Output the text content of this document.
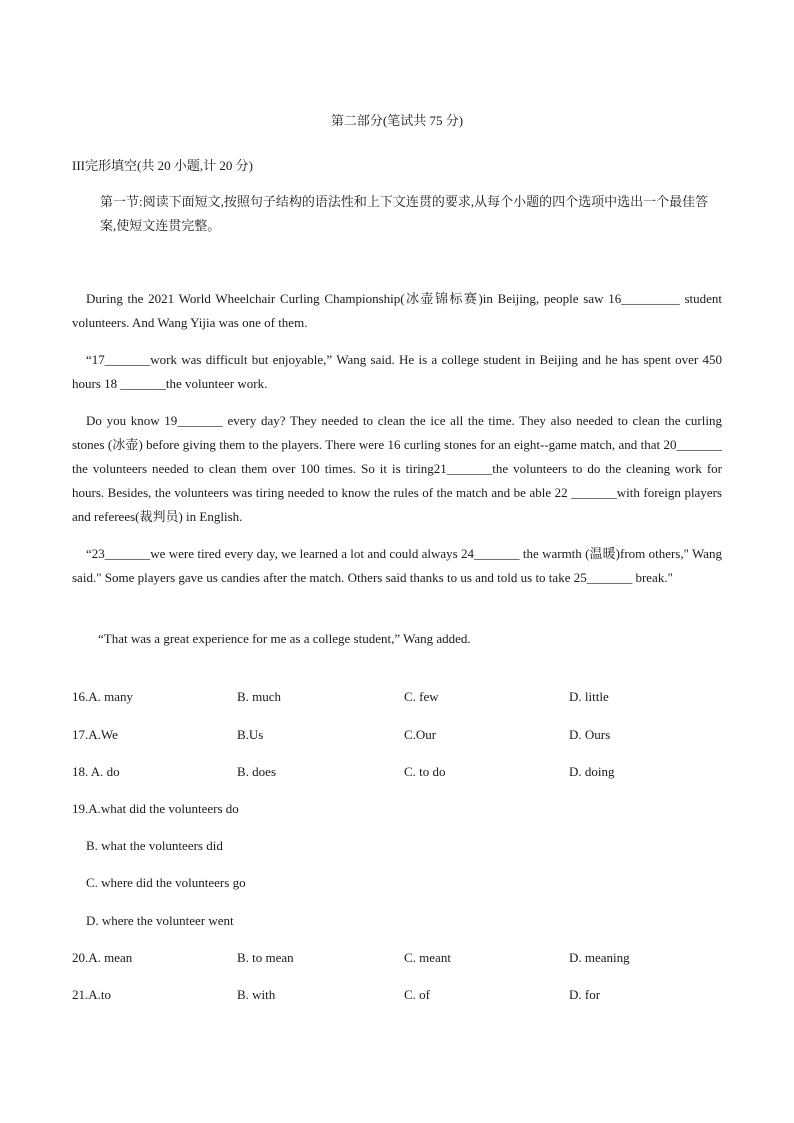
第二部分(笔试共 75 分)
III完形填空(共 20 小题,计 20 分)
第一节:阅读下面短文,按照句子结构的语法性和上下文连贯的要求,从每个小题的四个选项中选出一个最佳答案,使短文连贯完整。
During the 2021 World Wheelchair Curling Championship(冰壶锦标赛)in Beijing, people saw 16_________ student volunteers. And Wang Yijia was one of them.
“17_______work was difficult but enjoyable,” Wang said. He is a college student in Beijing and he has spent over 450 hours 18 _______the volunteer work.
Do you know 19_______ every day? They needed to clean the ice all the time. They also needed to clean the curling stones (冰壶) before giving them to the players. There were 16 curling stones for an eight--game match, and that 20_______ the volunteers needed to clean them over 100 times. So it is tiring21_______the volunteers to do the cleaning work for hours. Besides, the volunteers was tiring needed to know the rules of the match and be able 22 _______with foreign players and referees(裁判员) in English.
“23_______we were tired every day, we learned a lot and could always 24_______ the warmth (温暖)from others," Wang said." Some players gave us candies after the match. Others said thanks to us and told us to take 25_______ break."
“That was a great experience for me as a college student,” Wang added.
16.A. many	B. much	C. few	D. little
17.A.We	B.Us	C.Our	D. Ours
18. A. do	B. does	C. to do	D. doing
19.A.what did the volunteers do
B. what the volunteers did
C. where did the volunteers go
D. where the volunteer went
20.A. mean	B. to mean	C. meant	D. meaning
21.A.to	B. with	C. of	D. for
